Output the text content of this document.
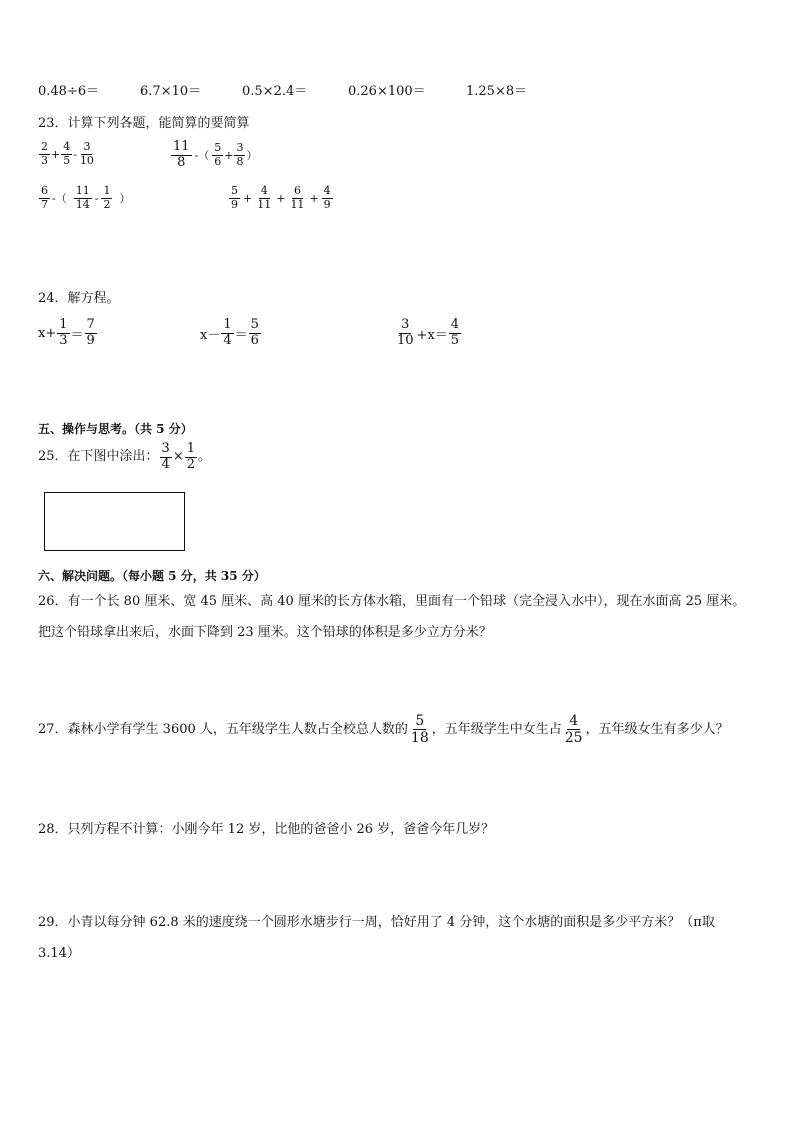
0.48÷6＝	6.7×10＝	0.5×2.4＝	0.26×100＝	1.25×8＝
23．计算下列各题，能简算的要简算
$\frac{2}{3} + \frac{4}{5} - \frac{3}{10}$	$\frac{11}{8}$ -（ $\frac{5}{6} + \frac{3}{8}$ ）
$\frac{6}{7}$ -（ $\frac{11}{14} - \frac{1}{2}$ ）	$\frac{5}{9} + \frac{4}{11} + \frac{6}{11} + \frac{4}{9}$
24．解方程。
$x+ \frac{1}{3} = \frac{7}{9}$	$x- \frac{1}{4} = \frac{5}{6}$	$\frac{3}{10} +x= \frac{4}{5}$
五、操作与思考。（共 5 分）
25．在下图中涂出： $\frac{3}{4} \times \frac{1}{2}$ 。
六、解决问题。（每小题 5 分，共 35 分）
26．有一个长 80 厘米、宽 45 厘米、高 40 厘米的长方体水箱，里面有一个铅球（完全浸入水中），现在水面高 25 厘米。
把这个铅球拿出来后，水面下降到 23 厘米。这个铅球的体积是多少立方分米？
27．森林小学有学生 3600 人，五年级学生人数占全校总人数的 $\frac{5}{18}$ ，五年级学生中女生占 $\frac{4}{25}$ ，五年级女生有多少人？
28．只列方程不计算：小刚今年 12 岁，比他的爸爸小 26 岁，爸爸今年几岁？
29．小青以每分钟 62.8 米的速度绕一个圆形水塘步行一周，恰好用了 4 分钟，这个水塘的面积是多少平方米？（π取
3.14）
